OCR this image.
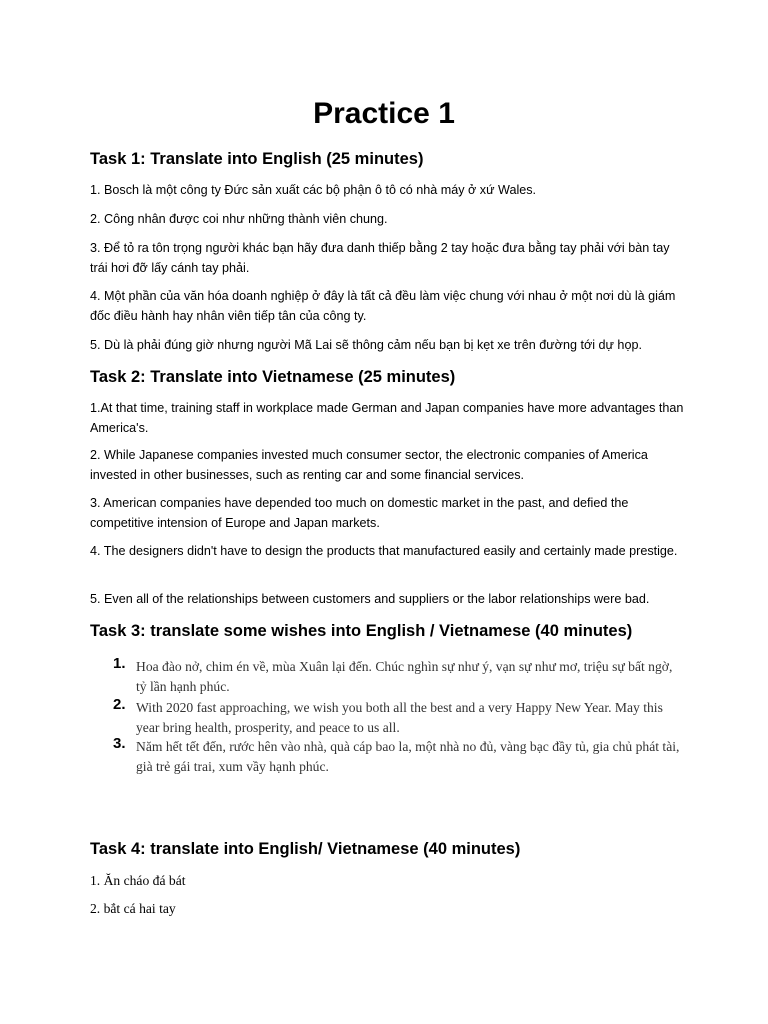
Practice 1
Task 1: Translate into English (25 minutes)

1. Bosch là một công ty Đức sản xuất các bộ phận ô tô có nhà máy ở xứ Wales.

2. Công nhân được coi như những thành viên chung.

3. Để tỏ ra tôn trọng người khác bạn hãy đưa danh thiếp bằng 2 tay hoặc đưa bằng tay phải với bàn tay trái hơi đỡ lấy cánh tay phải.

4. Một phần của văn hóa doanh nghiệp ở đây là tất cả đều làm việc chung với nhau ở một nơi dù là giám đốc điều hành hay nhân viên tiếp tân của công ty.

5. Dù là phải đúng giờ nhưng người Mã Lai sẽ thông cảm nếu bạn bị kẹt xe trên đường tới dự họp.

Task 2: Translate into Vietnamese (25 minutes)

1.At that time, training staff in workplace made German and Japan companies have more advantages than America's.

2. While Japanese companies invested much consumer sector, the electronic companies of America invested in other businesses, such as renting car and some financial services.

3. American companies have depended too much on domestic market in the past, and defied the competitive intension of Europe and Japan markets.

4. The designers didn't have to design the products that manufactured easily and certainly made prestige.

5. Even all of the relationships between customers and suppliers or the labor relationships were bad.

Task 3: translate some wishes into English / Vietnamese (40 minutes)
1. Hoa đào nở, chim én về, mùa Xuân lại đến. Chúc nghìn sự như ý, vạn sự như mơ, triệu sự bất ngờ, tỷ lần hạnh phúc.

2. With 2020 fast approaching, we wish you both all the best and a very Happy New Year. May this year bring health, prosperity, and peace to us all.

3. Năm hết tết đến, rước hên vào nhà, quà cáp bao la, một nhà no đủ, vàng bạc đầy tủ, gia chủ phát tài, già trẻ gái trai, xum vầy hạnh phúc.

Task 4: translate into English/ Vietnamese (40 minutes)

1. Ăn cháo đá bát

2. bắt cá hai tay
